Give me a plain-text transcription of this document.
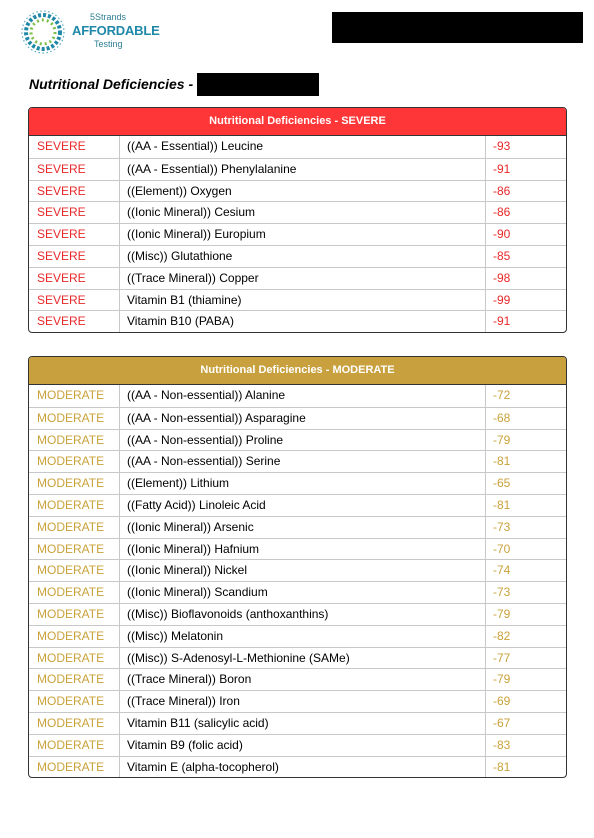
5Strands
AFFORDABLE
Testing
Nutritional Deficiencies -
Nutritional Deficiencies - SEVERE
SEVERE	((AA - Essential)) Leucine	-93
SEVERE	((AA - Essential)) Phenylalanine	-91
SEVERE	((Element)) Oxygen	-86
SEVERE	((Ionic Mineral)) Cesium	-86
SEVERE	((Ionic Mineral)) Europium	-90
SEVERE	((Misc)) Glutathione	-85
SEVERE	((Trace Mineral)) Copper	-98
SEVERE	Vitamin B1 (thiamine)	-99
SEVERE	Vitamin B10 (PABA)	-91
Nutritional Deficiencies - MODERATE
MODERATE	((AA - Non-essential)) Alanine	-72
MODERATE	((AA - Non-essential)) Asparagine	-68
MODERATE	((AA - Non-essential)) Proline	-79
MODERATE	((AA - Non-essential)) Serine	-81
MODERATE	((Element)) Lithium	-65
MODERATE	((Fatty Acid)) Linoleic Acid	-81
MODERATE	((Ionic Mineral)) Arsenic	-73
MODERATE	((Ionic Mineral)) Hafnium	-70
MODERATE	((Ionic Mineral)) Nickel	-74
MODERATE	((Ionic Mineral)) Scandium	-73
MODERATE	((Misc)) Bioflavonoids (anthoxanthins)	-79
MODERATE	((Misc)) Melatonin	-82
MODERATE	((Misc)) S-Adenosyl-L-Methionine (SAMe)	-77
MODERATE	((Trace Mineral)) Boron	-79
MODERATE	((Trace Mineral)) Iron	-69
MODERATE	Vitamin B11 (salicylic acid)	-67
MODERATE	Vitamin B9 (folic acid)	-83
MODERATE	Vitamin E (alpha-tocopherol)	-81
